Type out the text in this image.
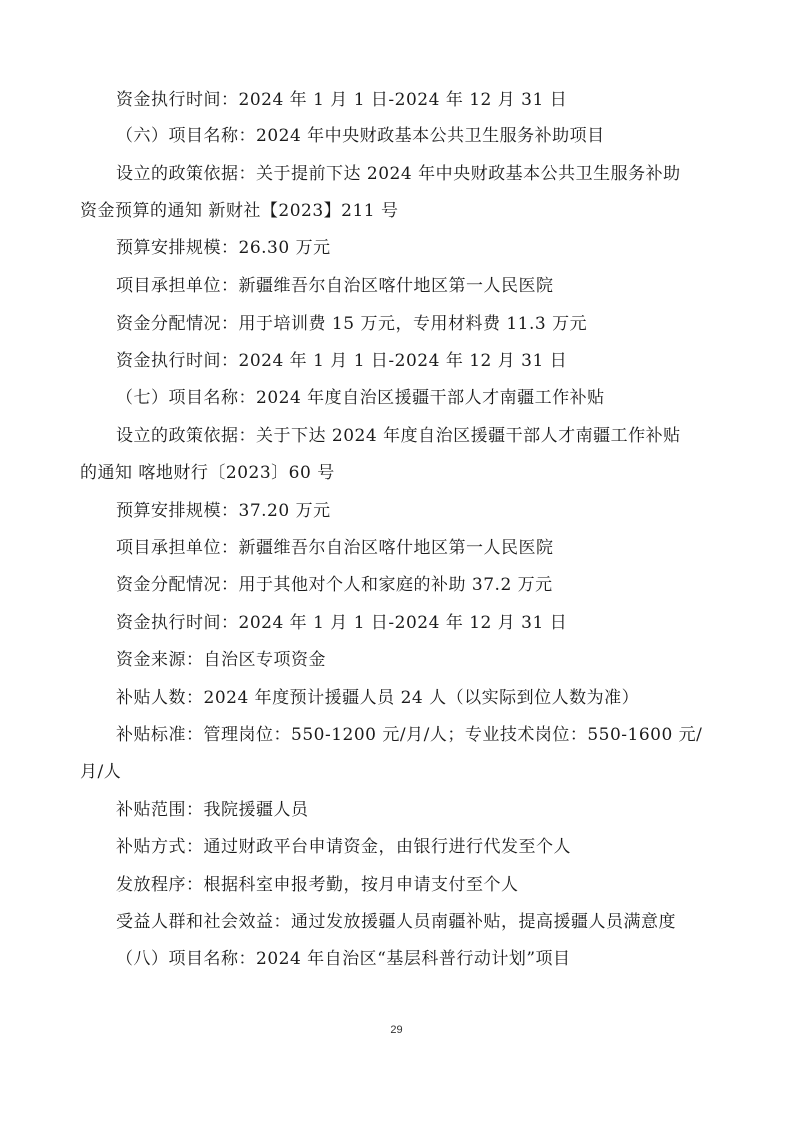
资金执行时间：2024 年 1 月 1 日-2024 年 12 月 31 日
（六）项目名称：2024 年中央财政基本公共卫生服务补助项目
设立的政策依据：关于提前下达 2024 年中央财政基本公共卫生服务补助
资金预算的通知 新财社【2023】211 号
预算安排规模：26.30 万元
项目承担单位：新疆维吾尔自治区喀什地区第一人民医院
资金分配情况：用于培训费 15 万元，专用材料费 11.3 万元
资金执行时间：2024 年 1 月 1 日-2024 年 12 月 31 日
（七）项目名称：2024 年度自治区援疆干部人才南疆工作补贴
设立的政策依据：关于下达 2024 年度自治区援疆干部人才南疆工作补贴
的通知 喀地财行〔2023〕60 号
预算安排规模：37.20 万元
项目承担单位：新疆维吾尔自治区喀什地区第一人民医院
资金分配情况：用于其他对个人和家庭的补助 37.2 万元
资金执行时间：2024 年 1 月 1 日-2024 年 12 月 31 日
资金来源：自治区专项资金
补贴人数：2024 年度预计援疆人员 24 人（以实际到位人数为准）
补贴标准：管理岗位：550-1200 元/月/人；专业技术岗位：550-1600 元/
月/人
补贴范围：我院援疆人员
补贴方式：通过财政平台申请资金，由银行进行代发至个人
发放程序：根据科室申报考勤，按月申请支付至个人
受益人群和社会效益：通过发放援疆人员南疆补贴，提高援疆人员满意度
（八）项目名称：2024 年自治区“基层科普行动计划”项目
29
